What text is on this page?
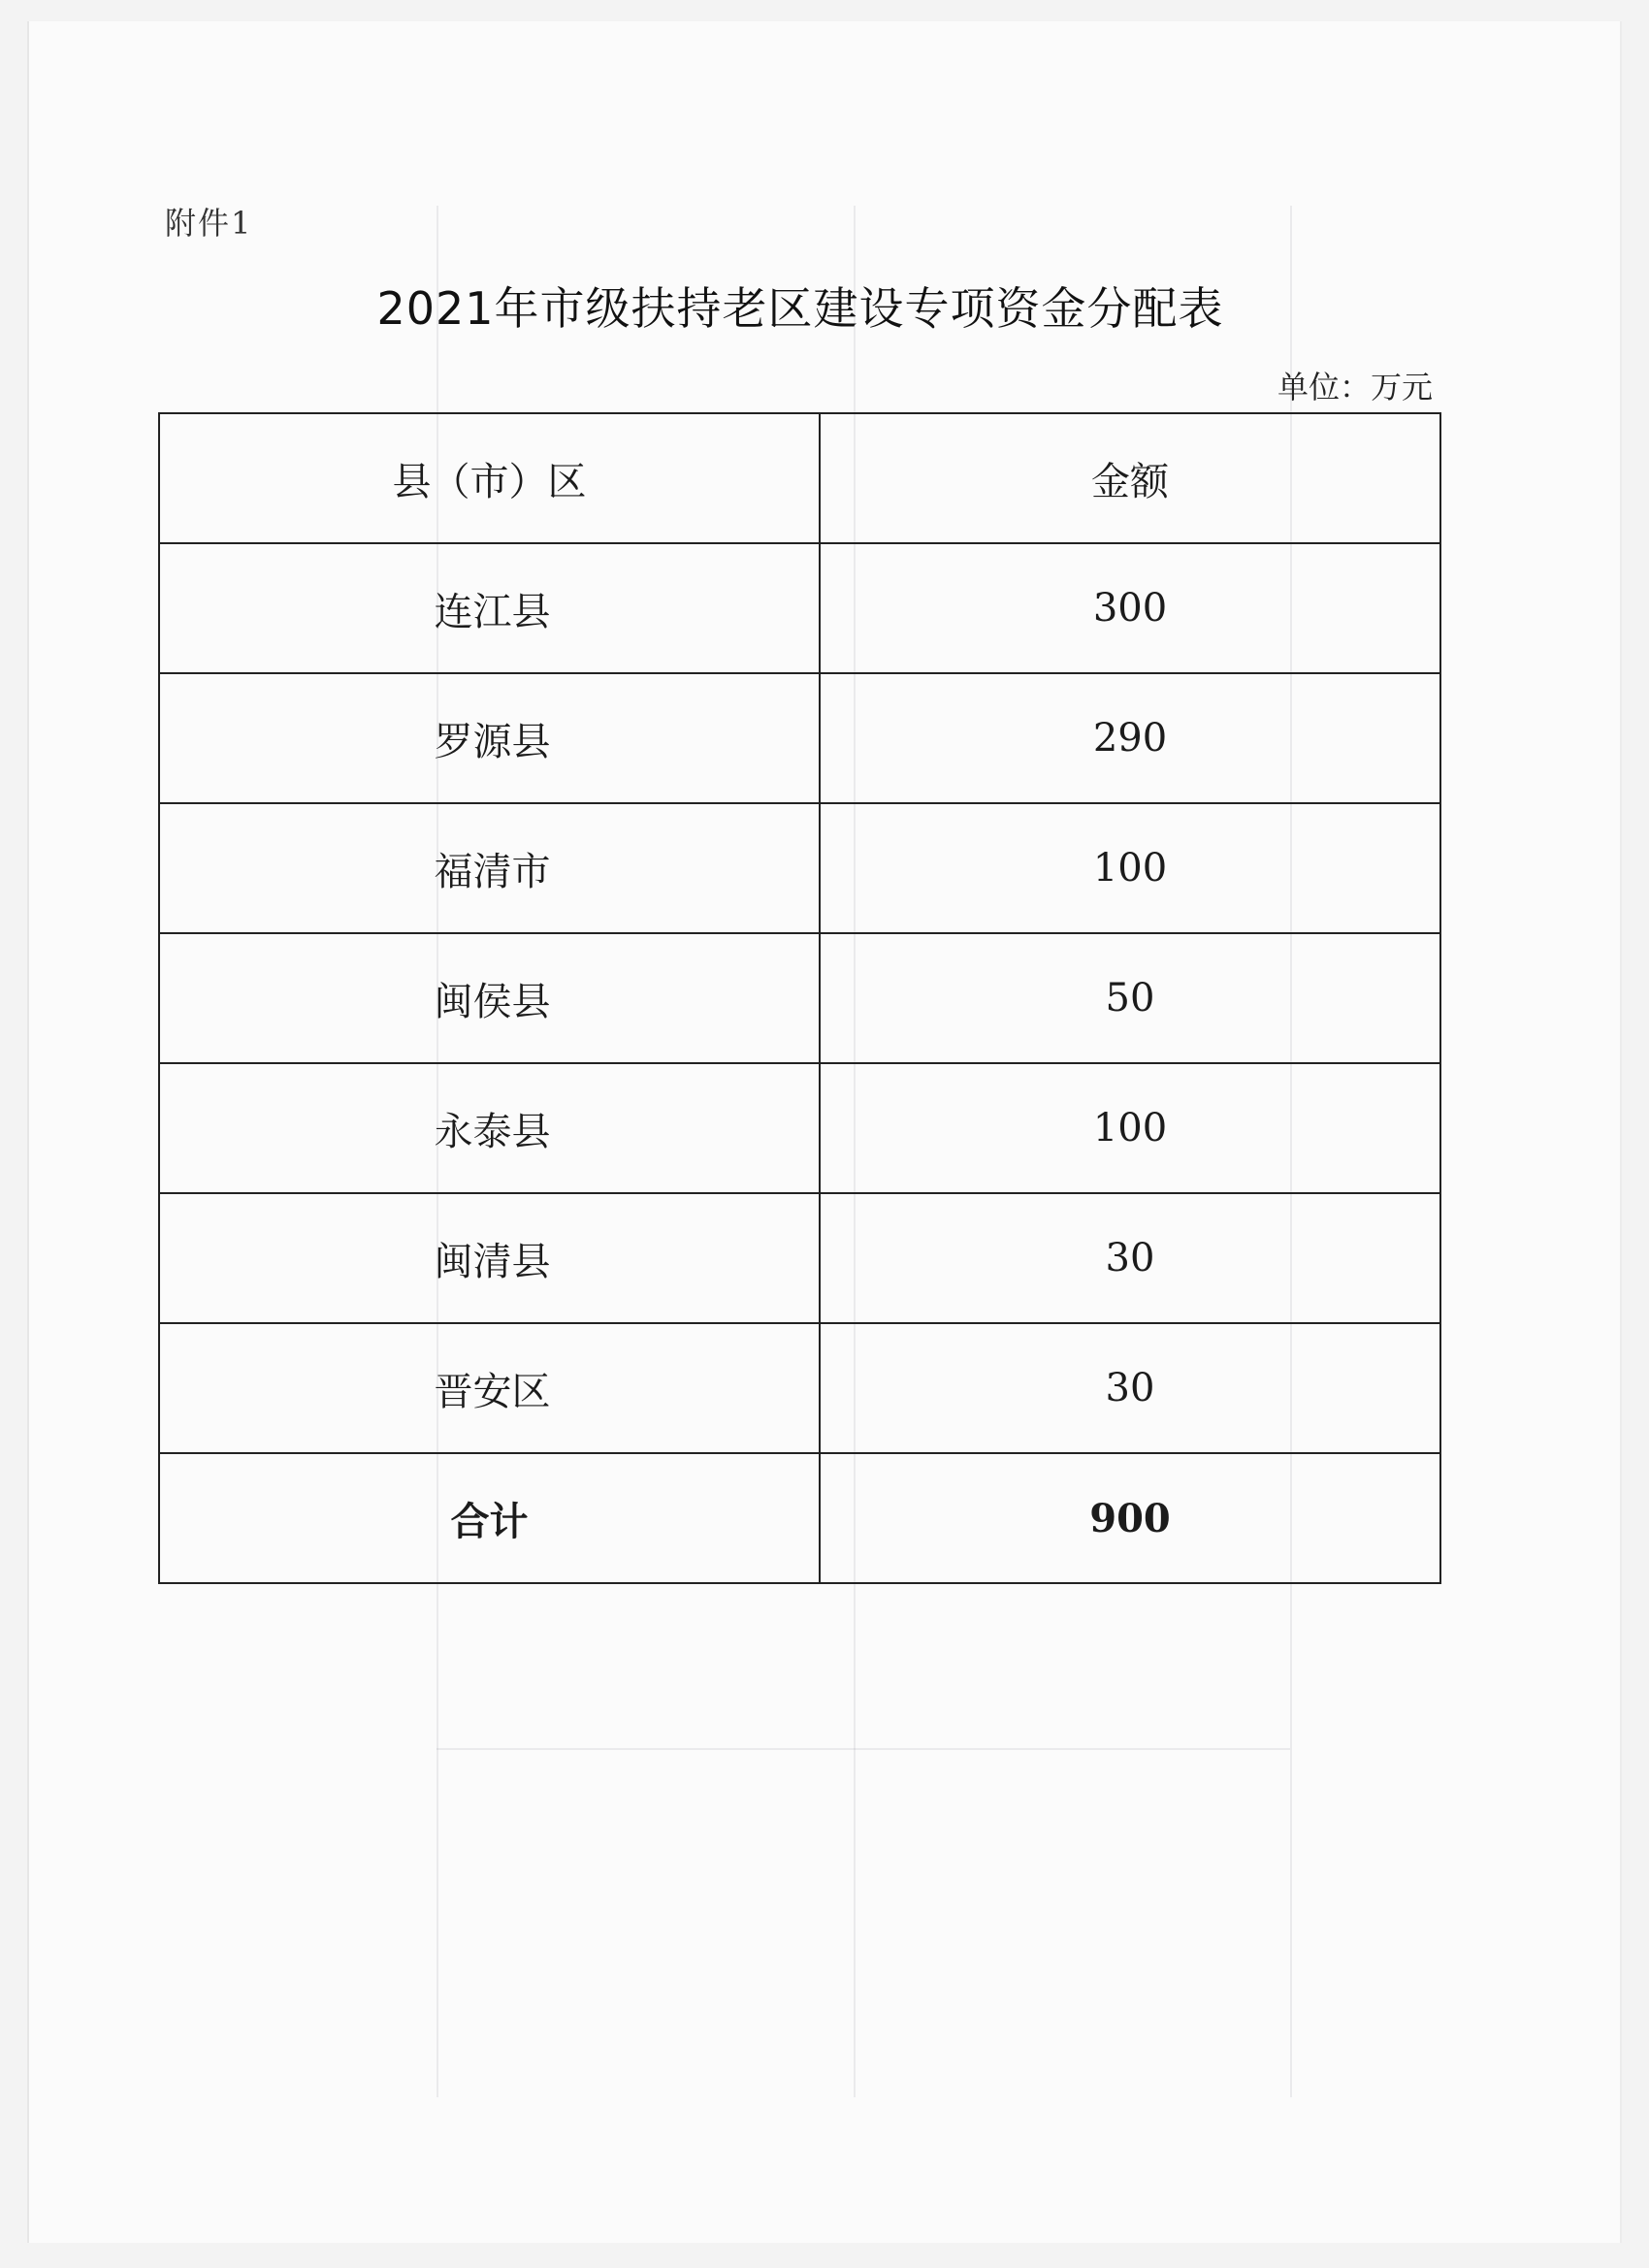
附件1
2021年市级扶持老区建设专项资金分配表
单位：万元
县（市）区	金额
连江县	300
罗源县	290
福清市	100
闽侯县	50
永泰县	100
闽清县	30
晋安区	30
合计	900
